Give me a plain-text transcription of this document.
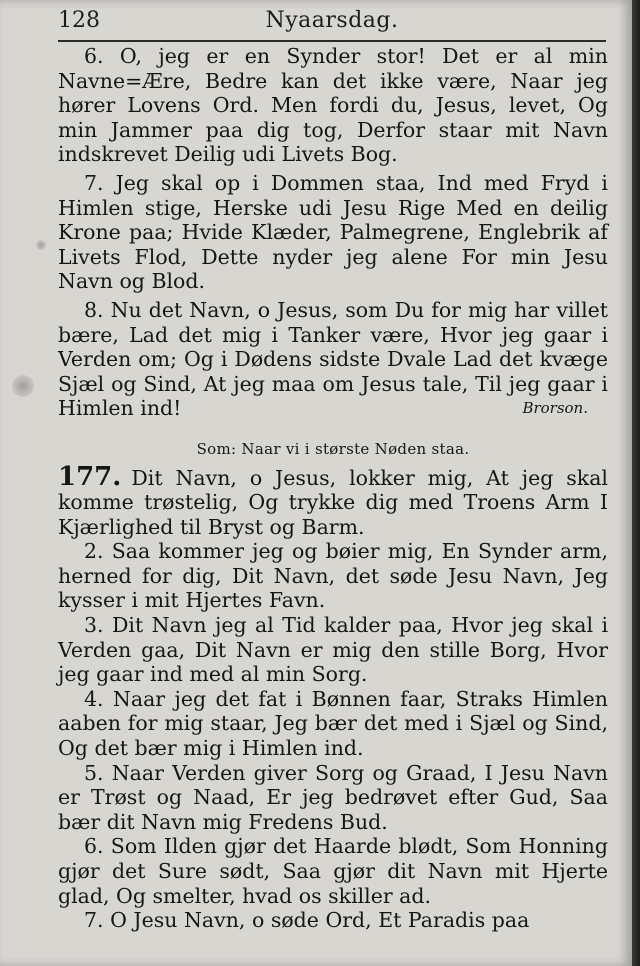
128	Nyaarsdag.

6. O, jeg er en Synder stor! Det er al min Navne=Ære, Bedre kan det ikke være, Naar jeg hører Lovens Ord. Men fordi du, Jesus, levet, Og min Jammer paa dig tog, Derfor staar mit Navn indskrevet Deilig udi Livets Bog.

7. Jeg skal op i Dommen staa, Ind med Fryd i Himlen stige, Herske udi Jesu Rige Med en deilig Krone paa; Hvide Klæder, Palmegrene, Englebrik af Livets Flod, Dette nyder jeg alene For min Jesu Navn og Blod.

8. Nu det Navn, o Jesus, som Du for mig har villet bære, Lad det mig i Tanker være, Hvor jeg gaar i Verden om; Og i Dødens sidste Dvale Lad det kvæge Sjæl og Sind, At jeg maa om Jesus tale, Til jeg gaar i Himlen ind!	Brorson.

Som: Naar vi i største Nøden staa.

177. Dit Navn, o Jesus, lokker mig, At jeg skal komme trøstelig, Og trykke dig med Troens Arm I Kjærlighed til Bryst og Barm.

2. Saa kommer jeg og bøier mig, En Synder arm, herned for dig, Dit Navn, det søde Jesu Navn, Jeg kysser i mit Hjertes Favn.

3. Dit Navn jeg al Tid kalder paa, Hvor jeg skal i Verden gaa, Dit Navn er mig den stille Borg, Hvor jeg gaar ind med al min Sorg.

4. Naar jeg det fat i Bønnen faar, Straks Himlen aaben for mig staar, Jeg bær det med i Sjæl og Sind, Og det bær mig i Himlen ind.

5. Naar Verden giver Sorg og Graad, I Jesu Navn er Trøst og Naad, Er jeg bedrøvet efter Gud, Saa bær dit Navn mig Fredens Bud.

6. Som Ilden gjør det Haarde blødt, Som Honning gjør det Sure sødt, Saa gjør dit Navn mit Hjerte glad, Og smelter, hvad os skiller ad.

7. O Jesu Navn, o søde Ord, Et Paradis paa
